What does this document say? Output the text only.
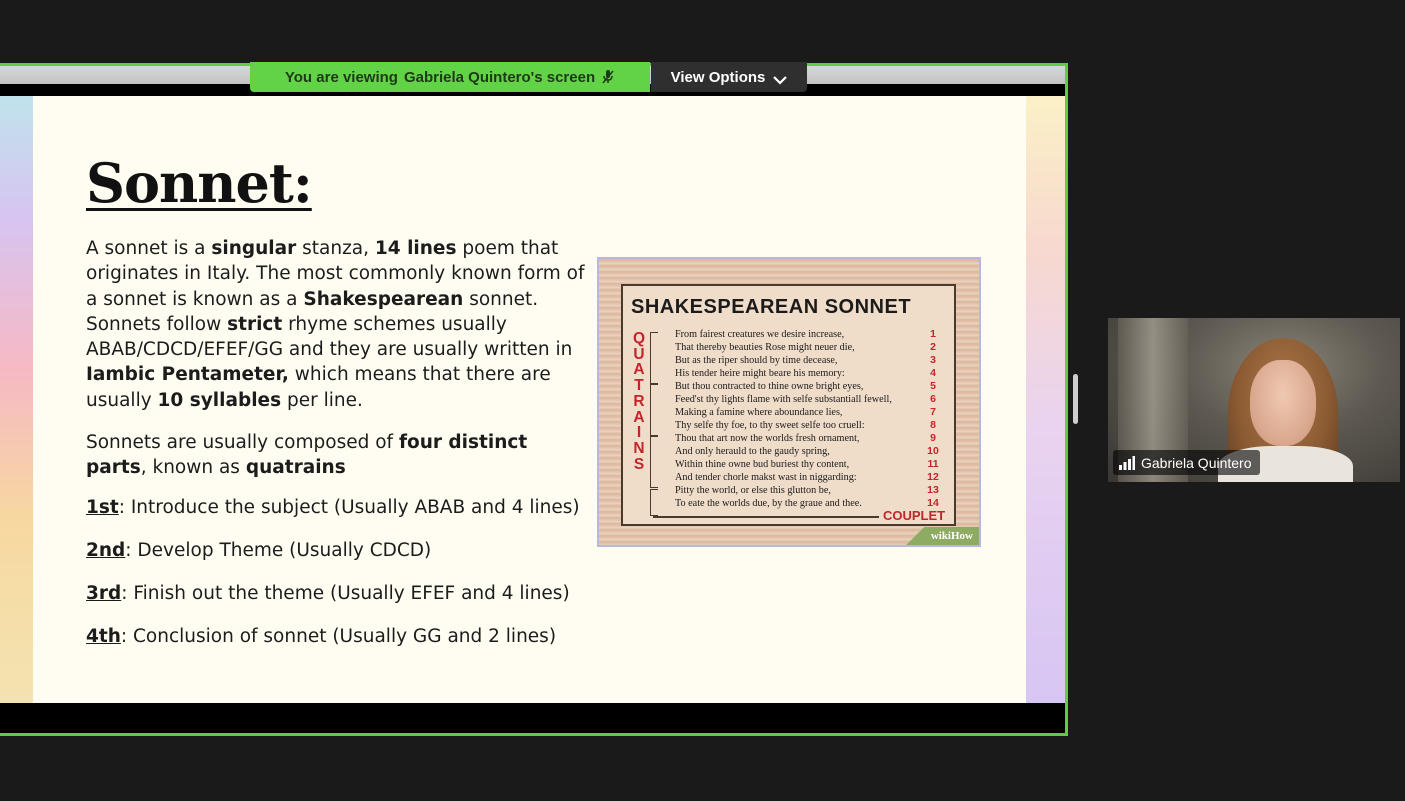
Sonnet:
A sonnet is a singular stanza, 14 lines poem that originates in Italy. The most commonly known form of a sonnet is known as a Shakespearean sonnet. Sonnets follow strict rhyme schemes usually ABAB/CDCD/EFEF/GG and they are usually written in Iambic Pentameter, which means that there are usually 10 syllables per line.
Sonnets are usually composed of four distinct parts, known as quatrains
1st: Introduce the subject (Usually ABAB and 4 lines)
2nd: Develop Theme (Usually CDCD)
3rd: Finish out the theme (Usually EFEF and 4 lines)
4th: Conclusion of sonnet (Usually GG and 2 lines)
SHAKESPEAREAN SONNET
Q
U
A
T
R
A
I
N
S
From fairest creatures we desire increase,
That thereby beauties Rose might neuer die,
But as the riper should by time decease,
His tender heire might beare his memory:
But thou contracted to thine owne bright eyes,
Feed'st thy lights flame with selfe substantiall fewell,
Making a famine where aboundance lies,
Thy selfe thy foe, to thy sweet selfe too cruell:
Thou that art now the worlds fresh ornament,
And only herauld to the gaudy spring,
Within thine owne bud buriest thy content,
And tender chorle makst wast in niggarding:
Pitty the world, or else this glutton be,
To eate the worlds due, by the graue and thee.
1
2
3
4
5
6
7
8
9
10
11
12
13
14
COUPLET
wikiHow
You are viewing Gabriela Quintero's screen	View Options
Gabriela Quintero
